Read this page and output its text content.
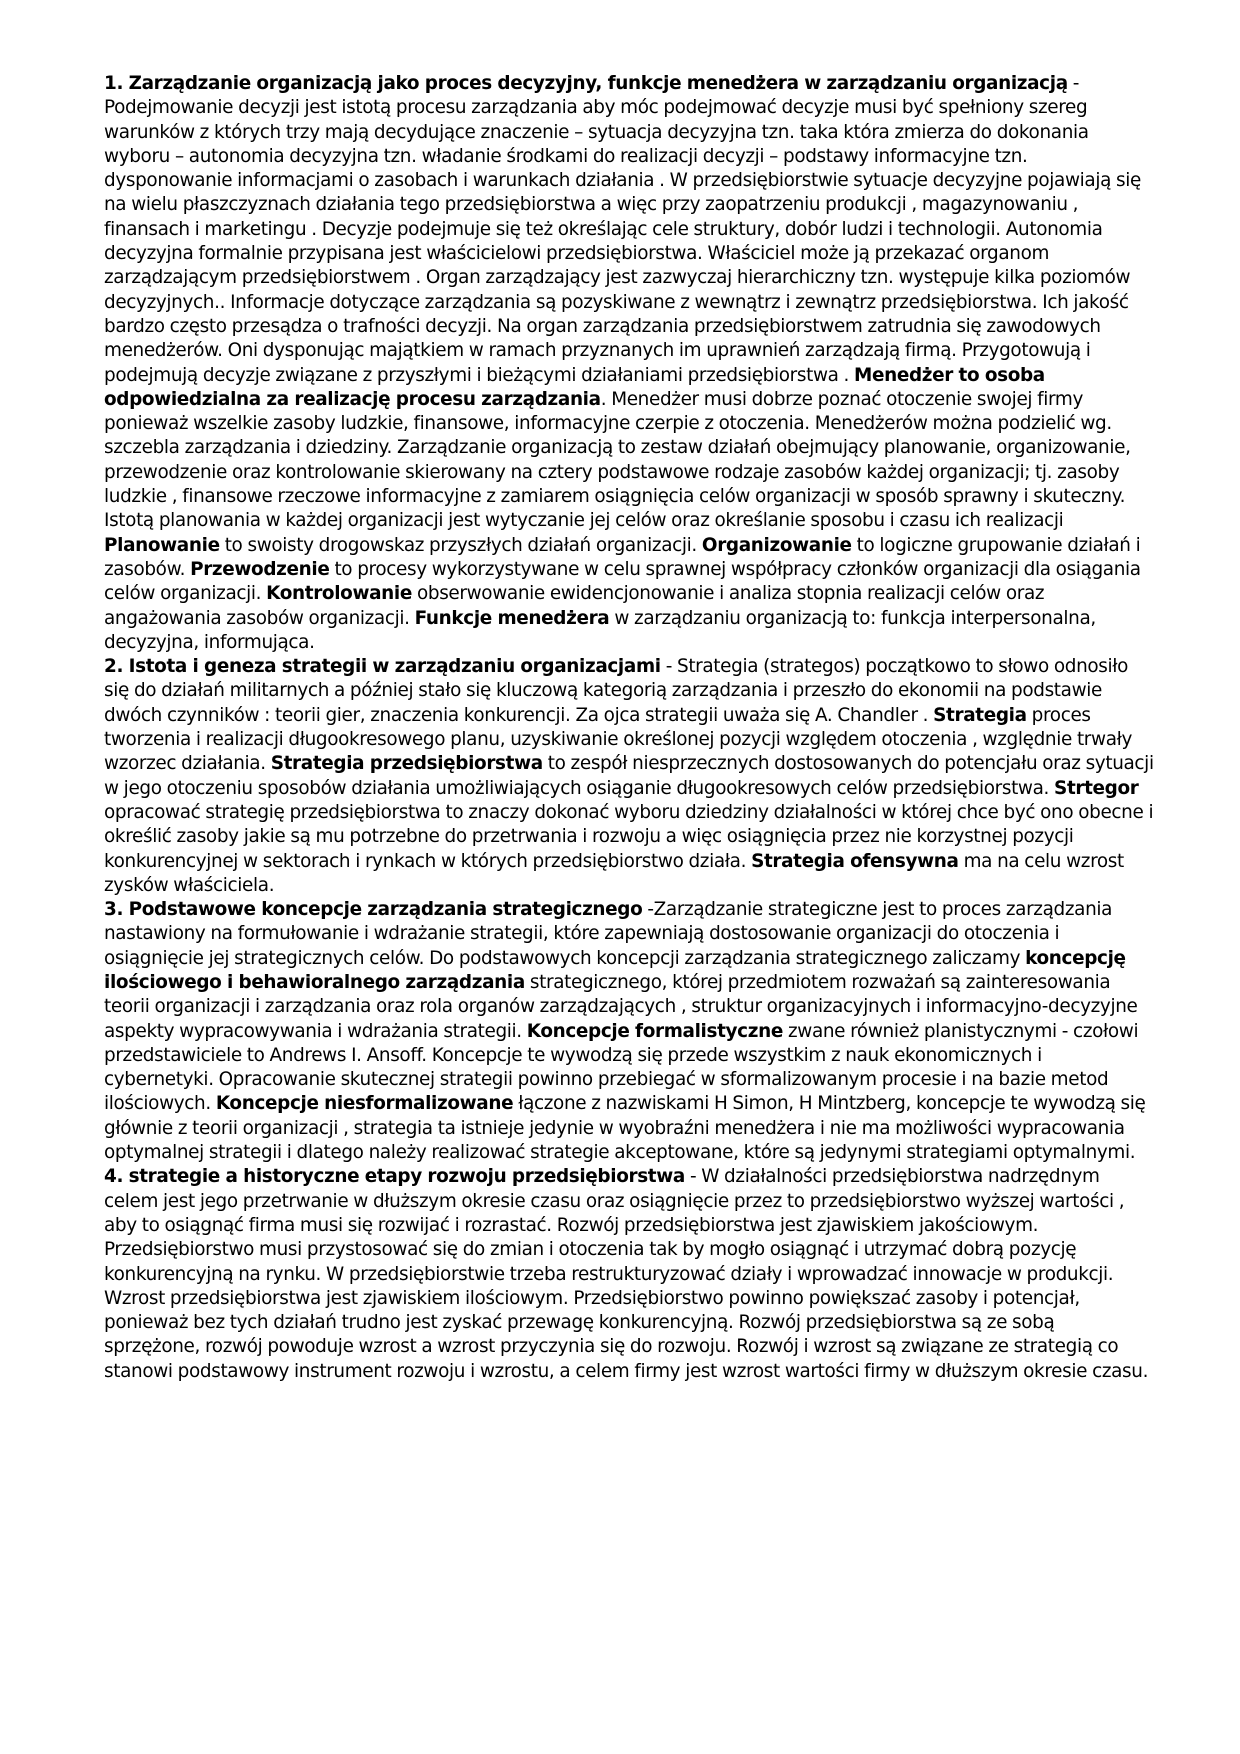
1. Zarządzanie organizacją jako proces decyzyjny, funkcje menedżera w zarządzaniu organizacją - Podejmowanie decyzji jest istotą procesu zarządzania aby móc podejmować decyzje musi być spełniony szereg warunków z których trzy mają decydujące znaczenie – sytuacja decyzyjna tzn. taka która zmierza do dokonania wyboru – autonomia decyzyjna tzn. władanie środkami do realizacji decyzji – podstawy informacyjne tzn. dysponowanie informacjami o zasobach i warunkach działania . W przedsiębiorstwie sytuacje decyzyjne pojawiają się na wielu płaszczyznach działania tego przedsiębiorstwa a więc przy zaopatrzeniu produkcji , magazynowaniu , finansach i marketingu . Decyzje podejmuje się też określając cele struktury, dobór ludzi i technologii. Autonomia decyzyjna formalnie przypisana jest właścicielowi przedsiębiorstwa. Właściciel może ją przekazać organom zarządzającym przedsiębiorstwem . Organ zarządzający jest zazwyczaj hierarchiczny tzn. występuje kilka poziomów decyzyjnych.. Informacje dotyczące zarządzania są pozyskiwane z wewnątrz i zewnątrz przedsiębiorstwa. Ich jakość bardzo często przesądza o trafności decyzji. Na organ zarządzania przedsiębiorstwem zatrudnia się zawodowych menedżerów. Oni dysponując majątkiem w ramach przyznanych im uprawnień zarządzają firmą. Przygotowują i podejmują decyzje związane z przyszłymi i bieżącymi działaniami przedsiębiorstwa . Menedżer to osoba odpowiedzialna za realizację procesu zarządzania. Menedżer musi dobrze poznać otoczenie swojej firmy ponieważ wszelkie zasoby ludzkie, finansowe, informacyjne czerpie z otoczenia. Menedżerów można podzielić wg. szczebla zarządzania i dziedziny. Zarządzanie organizacją to zestaw działań obejmujący planowanie, organizowanie, przewodzenie oraz kontrolowanie skierowany na cztery podstawowe rodzaje zasobów każdej organizacji; tj. zasoby ludzkie , finansowe rzeczowe informacyjne z zamiarem osiągnięcia celów organizacji w sposób sprawny i skuteczny. Istotą planowania w każdej organizacji jest wytyczanie jej celów oraz określanie sposobu i czasu ich realizacji Planowanie to swoisty drogowskaz przyszłych działań organizacji. Organizowanie to logiczne grupowanie działań i zasobów. Przewodzenie to procesy wykorzystywane w celu sprawnej współpracy członków organizacji dla osiągania celów organizacji. Kontrolowanie obserwowanie ewidencjonowanie i analiza stopnia realizacji celów oraz angażowania zasobów organizacji. Funkcje menedżera w zarządzaniu organizacją to: funkcja interpersonalna, decyzyjna, informująca.

2. Istota i geneza strategii w zarządzaniu organizacjami - Strategia (strategos) początkowo to słowo odnosiło się do działań militarnych a później stało się kluczową kategorią zarządzania i przeszło do ekonomii na podstawie dwóch czynników : teorii gier, znaczenia konkurencji. Za ojca strategii uważa się A. Chandler . Strategia proces tworzenia i realizacji długookresowego planu, uzyskiwanie określonej pozycji względem otoczenia , względnie trwały wzorzec działania. Strategia przedsiębiorstwa to zespół niesprzecznych dostosowanych do potencjału oraz sytuacji w jego otoczeniu sposobów działania umożliwiających osiąganie długookresowych celów przedsiębiorstwa. Strtegor opracować strategię przedsiębiorstwa to znaczy dokonać wyboru dziedziny działalności w której chce być ono obecne i określić zasoby jakie są mu potrzebne do przetrwania i rozwoju a więc osiągnięcia przez nie korzystnej pozycji konkurencyjnej w sektorach i rynkach w których przedsiębiorstwo działa. Strategia ofensywna ma na celu wzrost zysków właściciela.

3. Podstawowe koncepcje zarządzania strategicznego -Zarządzanie strategiczne jest to proces zarządzania nastawiony na formułowanie i wdrażanie strategii, które zapewniają dostosowanie organizacji do otoczenia i osiągnięcie jej strategicznych celów. Do podstawowych koncepcji zarządzania strategicznego zaliczamy koncepcję ilościowego i behawioralnego zarządzania strategicznego, której przedmiotem rozważań są zainteresowania teorii organizacji i zarządzania oraz rola organów zarządzających , struktur organizacyjnych i informacyjno-decyzyjne aspekty wypracowywania i wdrażania strategii. Koncepcje formalistyczne zwane również planistycznymi - czołowi przedstawiciele to Andrews I. Ansoff. Koncepcje te wywodzą się przede wszystkim z nauk ekonomicznych i cybernetyki. Opracowanie skutecznej strategii powinno przebiegać w sformalizowanym procesie i na bazie metod ilościowych. Koncepcje niesformalizowane łączone z nazwiskami H Simon, H Mintzberg, koncepcje te wywodzą się głównie z teorii organizacji , strategia ta istnieje jedynie w wyobraźni menedżera i nie ma możliwości wypracowania optymalnej strategii i dlatego należy realizować strategie akceptowane, które są jedynymi strategiami optymalnymi.

4. strategie a historyczne etapy rozwoju przedsiębiorstwa - W działalności przedsiębiorstwa nadrzędnym celem jest jego przetrwanie w dłuższym okresie czasu oraz osiągnięcie przez to przedsiębiorstwo wyższej wartości , aby to osiągnąć firma musi się rozwijać i rozrastać. Rozwój przedsiębiorstwa jest zjawiskiem jakościowym. Przedsiębiorstwo musi przystosować się do zmian i otoczenia tak by mogło osiągnąć i utrzymać dobrą pozycję konkurencyjną na rynku. W przedsiębiorstwie trzeba restrukturyzować działy i wprowadzać innowacje w produkcji. Wzrost przedsiębiorstwa jest zjawiskiem ilościowym. Przedsiębiorstwo powinno powiększać zasoby i potencjał, ponieważ bez tych działań trudno jest zyskać przewagę konkurencyjną. Rozwój przedsiębiorstwa są ze sobą sprzężone, rozwój powoduje wzrost a wzrost przyczynia się do rozwoju. Rozwój i wzrost są związane ze strategią co stanowi podstawowy instrument rozwoju i wzrostu, a celem firmy jest wzrost wartości firmy w dłuższym okresie czasu.
